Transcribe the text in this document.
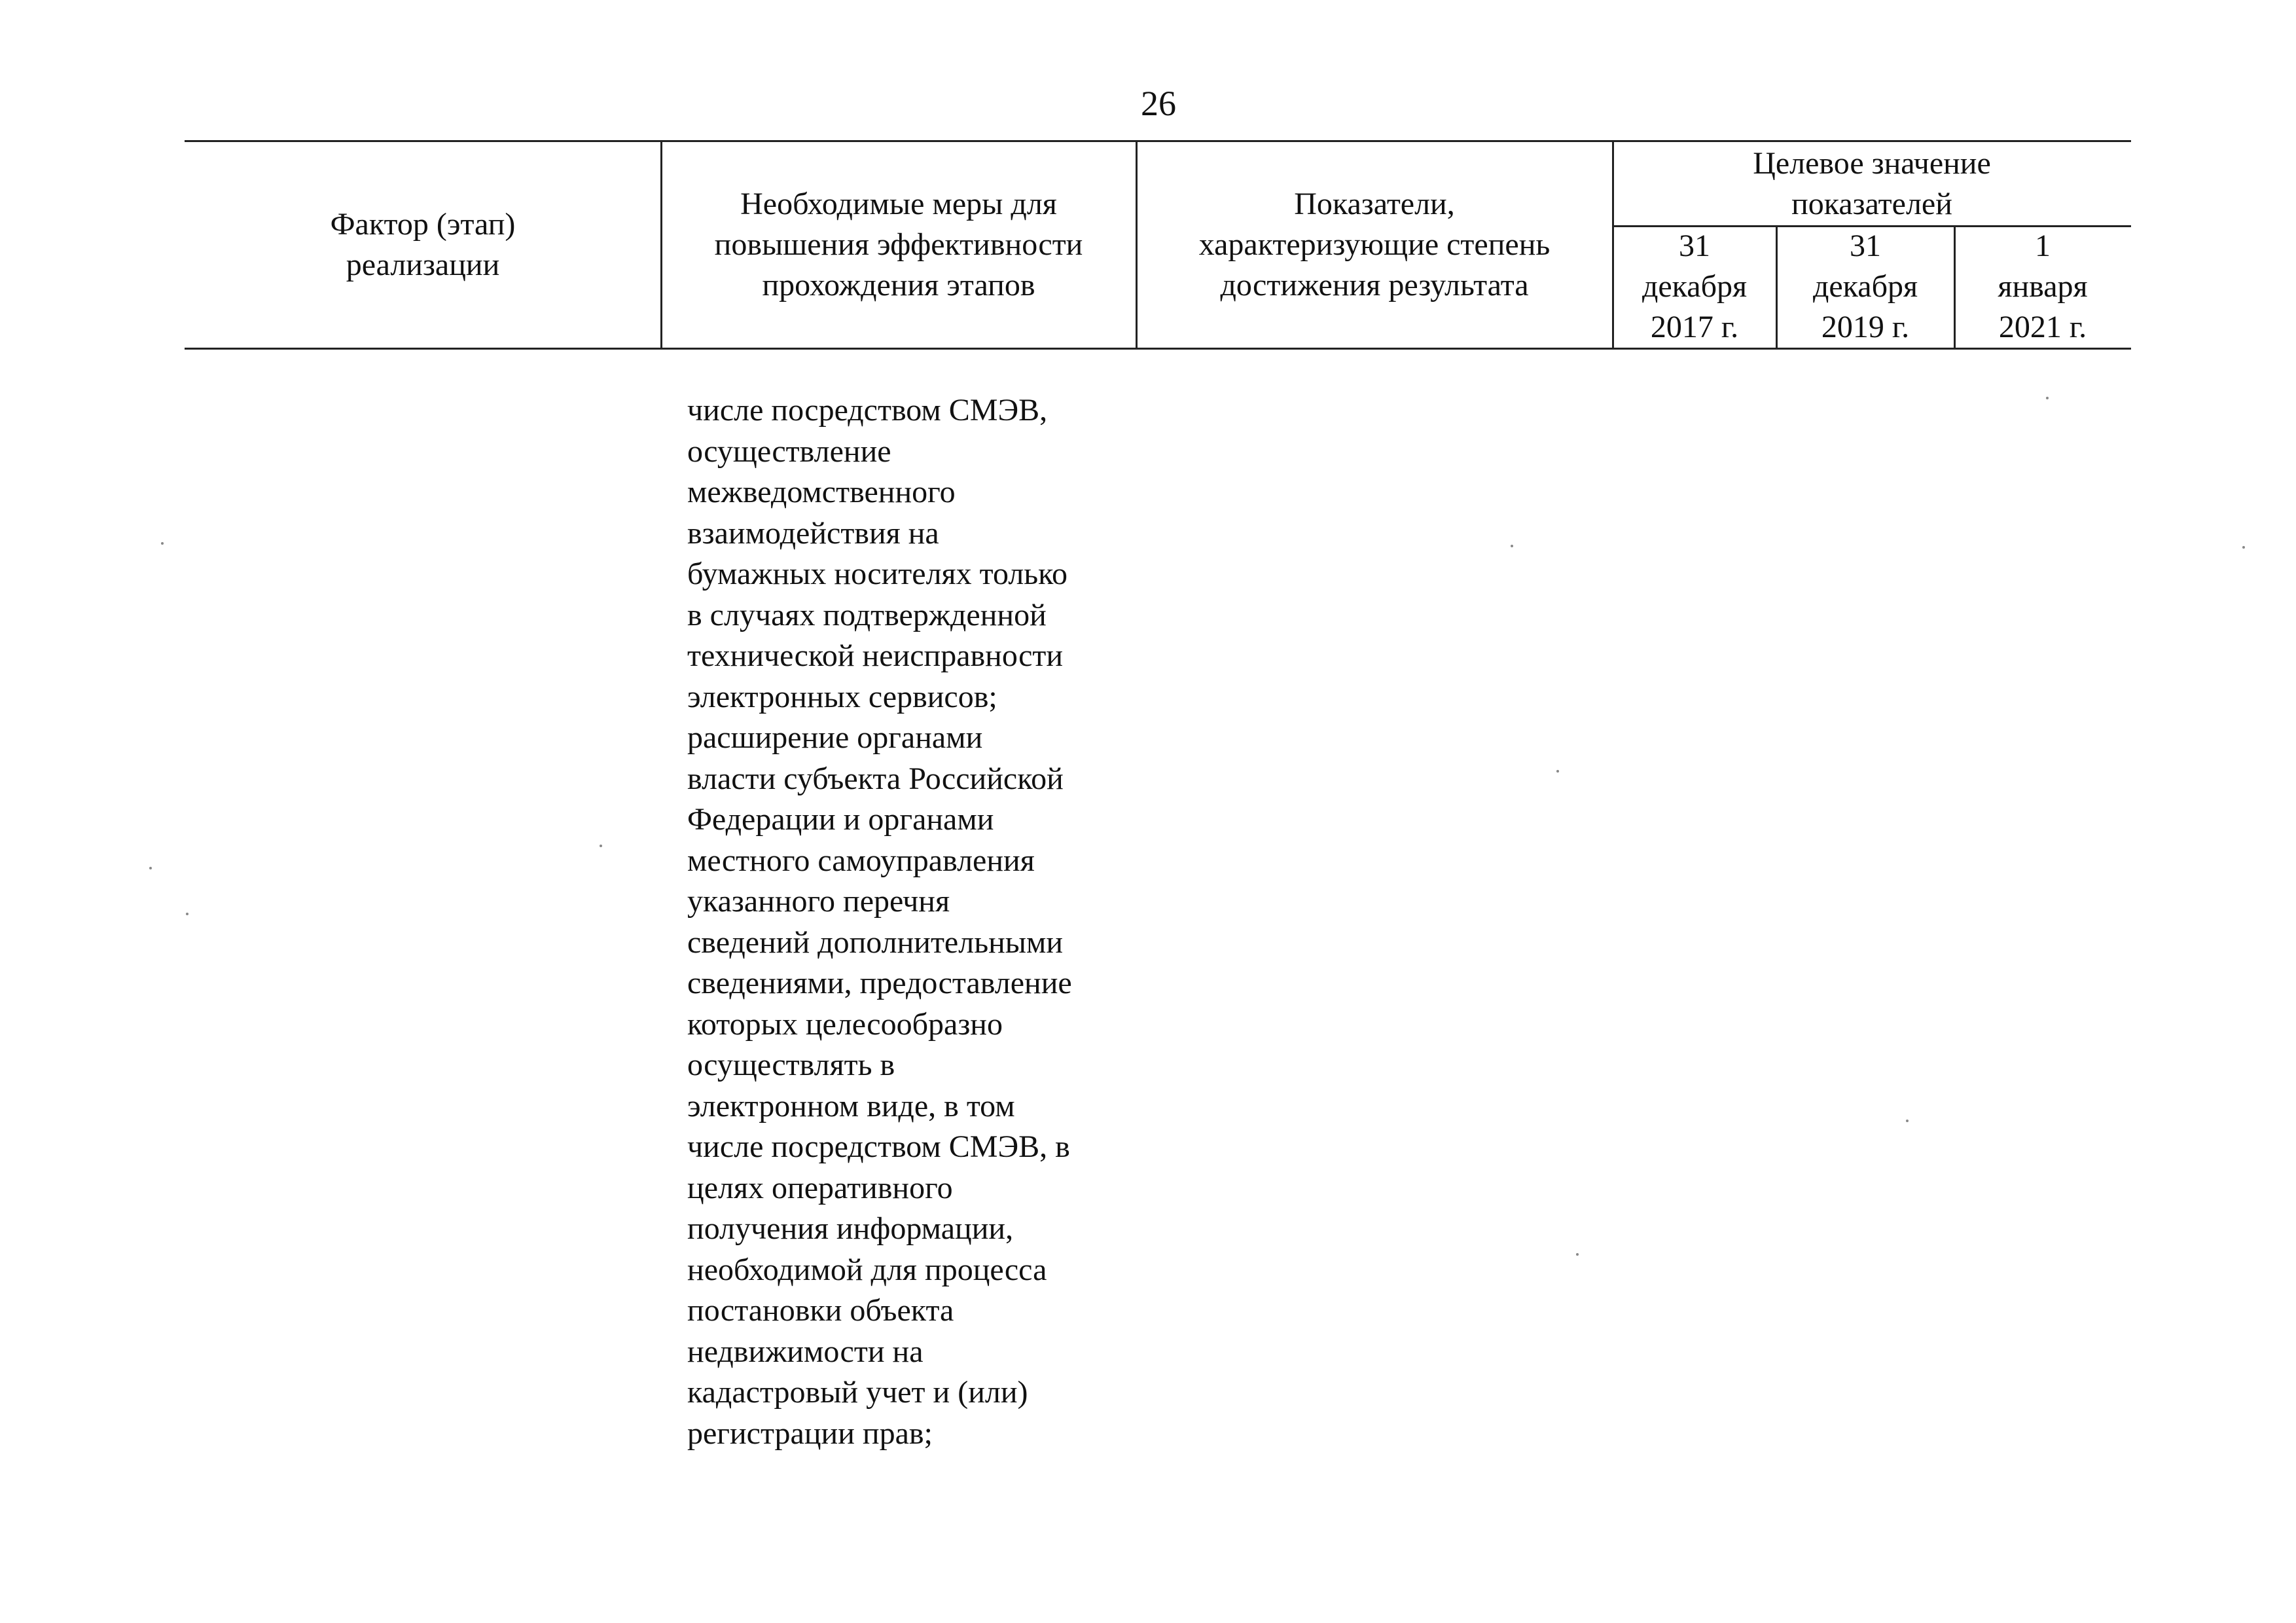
26
Фактор (этап)
реализации
Необходимые меры для
повышения эффективности
прохождения этапов
Показатели,
характеризующие степень
достижения результата
Целевое значение
показателей
31
декабря
2017 г.
31
декабря
2019 г.
1
января
2021 г.
числе посредством СМЭВ,
осуществление
межведомственного
взаимодействия на
бумажных носителях только
в случаях подтвержденной
технической неисправности
электронных сервисов;
расширение органами
власти субъекта Российской
Федерации и органами
местного самоуправления
указанного перечня
сведений дополнительными
сведениями, предоставление
которых целесообразно
осуществлять в
электронном виде, в том
числе посредством СМЭВ, в
целях оперативного
получения информации,
необходимой для процесса
постановки объекта
недвижимости на
кадастровый учет и (или)
регистрации прав;
